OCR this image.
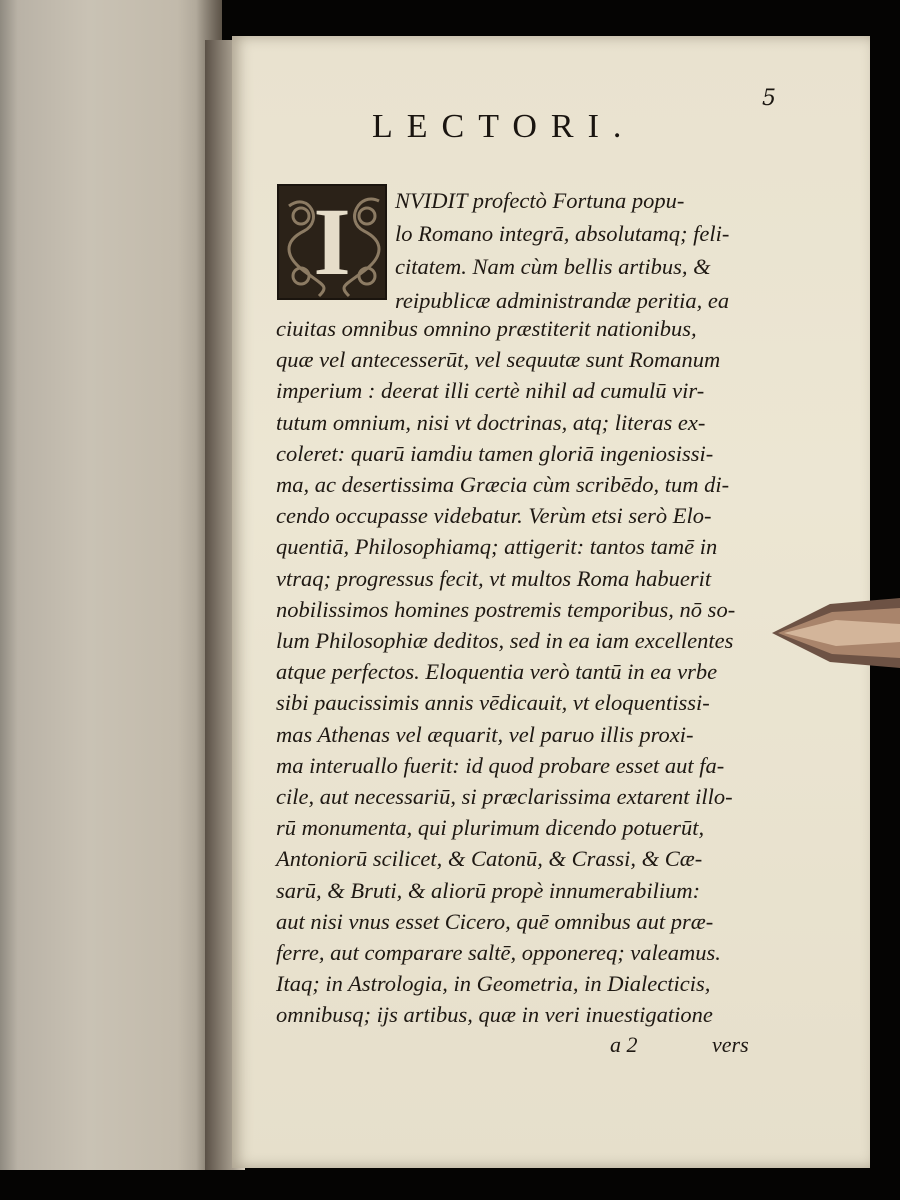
5
LECTORI.
I NVIDIT profectò Fortuna popu-
lo Romano integrā, absolutamq; feli-
citatem. Nam cùm bellis artibus, &
reipublicæ administrandæ peritia, ea
ciuitas omnibus omnino præstiterit nationibus,
quæ vel antecesserūt, vel sequutæ sunt Romanum
imperium : deerat illi certè nihil ad cumulū vir-
tutum omnium, nisi vt doctrinas, atq; literas ex-
coleret: quarū iamdiu tamen gloriā ingeniosissi-
ma, ac desertissima Græcia cùm scribēdo, tum di-
cendo occupasse videbatur. Verùm etsi serò Elo-
quentiā, Philosophiamq; attigerit: tantos tamē in
vtraq; progressus fecit, vt multos Roma habuerit
nobilissimos homines postremis temporibus, nō so-
lum Philosophiæ deditos, sed in ea iam excellentes
atque perfectos. Eloquentia verò tantū in ea vrbe
sibi paucissimis annis vēdicauit, vt eloquentissi-
mas Athenas vel æquarit, vel paruo illis proxi-
ma interuallo fuerit: id quod probare esset aut fa-
cile, aut necessariū, si præclarissima extarent illo-
rū monumenta, qui plurimum dicendo potuerūt,
Antoniorū scilicet, & Catonū, & Crassi, & Cæ-
sarū, & Bruti, & aliorū propè innumerabilium:
aut nisi vnus esset Cicero, quē omnibus aut præ-
ferre, aut comparare saltē, opponereq; valeamus.
Itaq; in Astrologia, in Geometria, in Dialecticis,
omnibusq; ijs artibus, quæ in veri inuestigatione
a 2	vers
